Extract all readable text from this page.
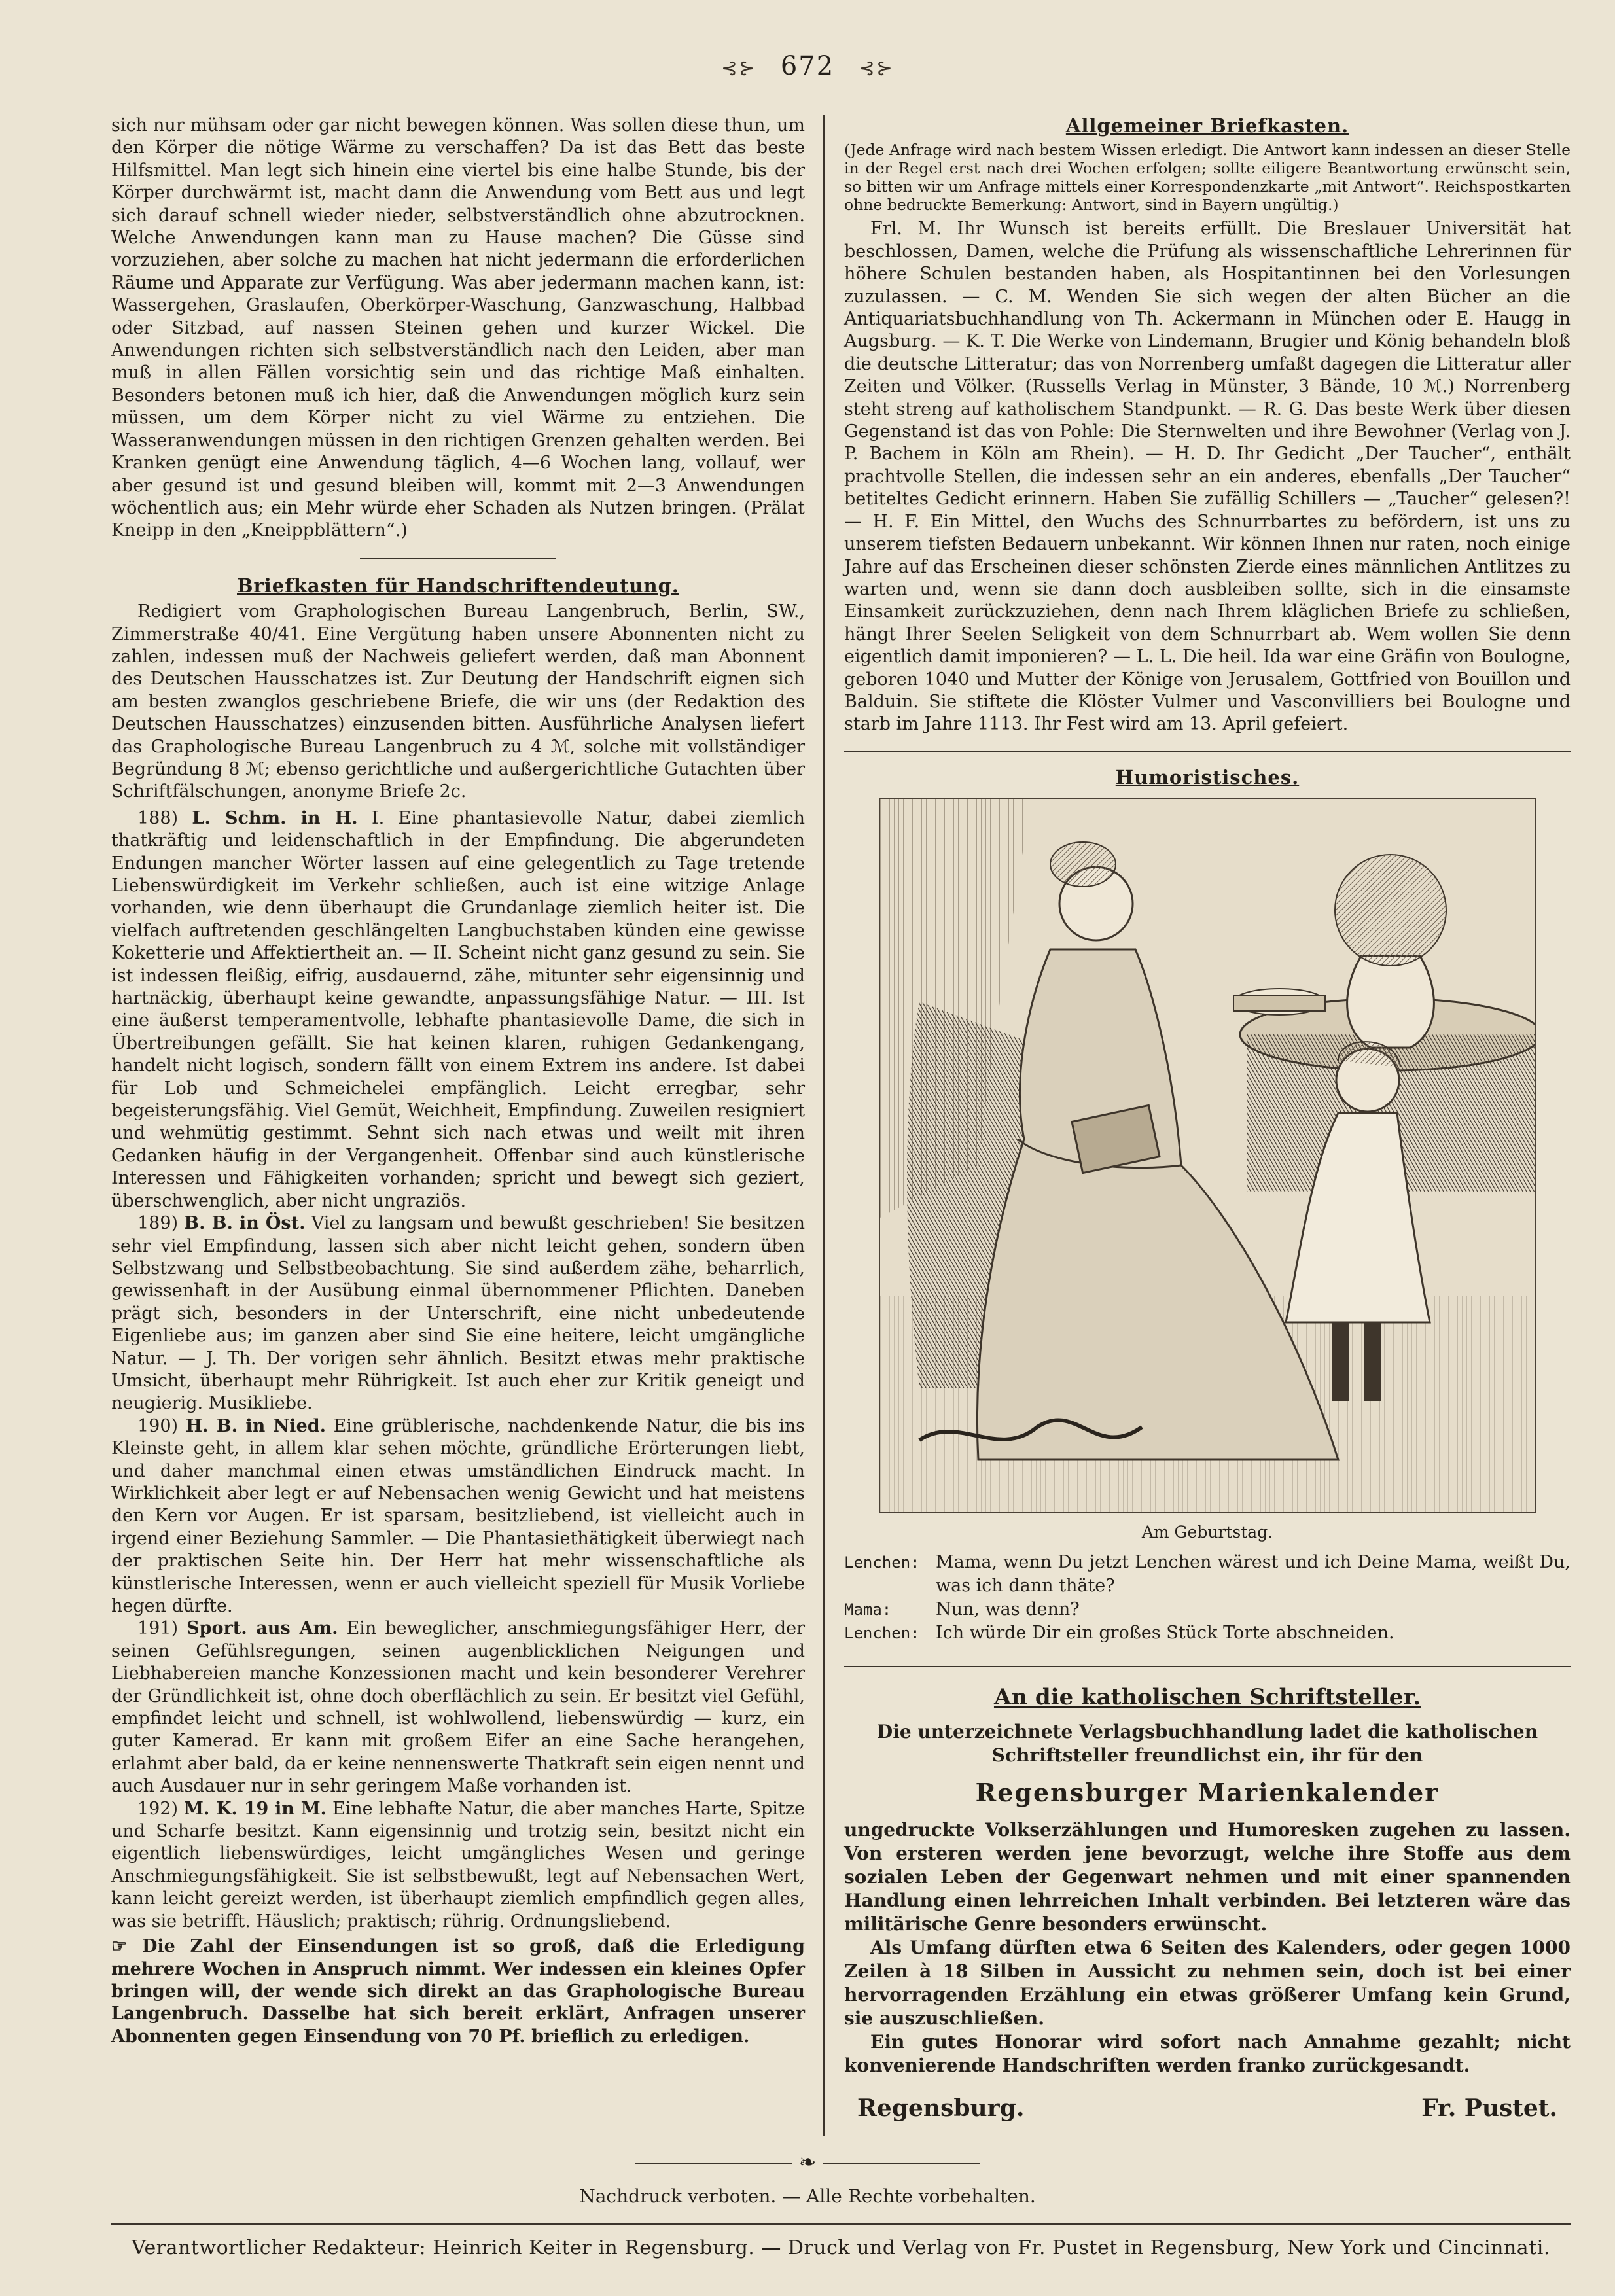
⊰⊱ 672 ⊰⊱

sich nur mühsam oder gar nicht bewegen können. Was sollen diese thun, um den Körper die nötige Wärme zu verschaffen? Da ist das Bett das beste Hilfsmittel. Man legt sich hinein eine viertel bis eine halbe Stunde, bis der Körper durchwärmt ist, macht dann die Anwendung vom Bett aus und legt sich darauf schnell wieder nieder, selbstverständlich ohne abzutrocknen. Welche Anwendungen kann man zu Hause machen? Die Güsse sind vorzuziehen, aber solche zu machen hat nicht jedermann die erforderlichen Räume und Apparate zur Verfügung. Was aber jedermann machen kann, ist: Wassergehen, Graslaufen, Oberkörper-Waschung, Ganzwaschung, Halbbad oder Sitzbad, auf nassen Steinen gehen und kurzer Wickel. Die Anwendungen richten sich selbstverständlich nach den Leiden, aber man muß in allen Fällen vorsichtig sein und das richtige Maß einhalten. Besonders betonen muß ich hier, daß die Anwendungen möglich kurz sein müssen, um dem Körper nicht zu viel Wärme zu entziehen. Die Wasseranwendungen müssen in den richtigen Grenzen gehalten werden. Bei Kranken genügt eine Anwendung täglich, 4—6 Wochen lang, vollauf, wer aber gesund ist und gesund bleiben will, kommt mit 2—3 Anwendungen wöchentlich aus; ein Mehr würde eher Schaden als Nutzen bringen. (Prälat Kneipp in den „Kneippblättern“.)

Briefkasten für Handschriftendeutung.

Redigiert vom Graphologischen Bureau Langenbruch, Berlin, SW., Zimmerstraße 40/41. Eine Vergütung haben unsere Abonnenten nicht zu zahlen, indessen muß der Nachweis geliefert werden, daß man Abonnent des Deutschen Hausschatzes ist. Zur Deutung der Handschrift eignen sich am besten zwanglos geschriebene Briefe, die wir uns (der Redaktion des Deutschen Hausschatzes) einzusenden bitten. Ausführliche Analysen liefert das Graphologische Bureau Langenbruch zu 4 ℳ, solche mit vollständiger Begründung 8 ℳ; ebenso gerichtliche und außergerichtliche Gutachten über Schriftfälschungen, anonyme Briefe 2c.

188) L. Schm. in H. I. Eine phantasievolle Natur, dabei ziemlich thatkräftig und leidenschaftlich in der Empfindung. Die abgerundeten Endungen mancher Wörter lassen auf eine gelegentlich zu Tage tretende Liebenswürdigkeit im Verkehr schließen, auch ist eine witzige Anlage vorhanden, wie denn überhaupt die Grundanlage ziemlich heiter ist. Die vielfach auftretenden geschlängelten Langbuchstaben künden eine gewisse Koketterie und Affektiertheit an. — II. Scheint nicht ganz gesund zu sein. Sie ist indessen fleißig, eifrig, ausdauernd, zähe, mitunter sehr eigensinnig und hartnäckig, überhaupt keine gewandte, anpassungsfähige Natur. — III. Ist eine äußerst temperamentvolle, lebhafte phantasievolle Dame, die sich in Übertreibungen gefällt. Sie hat keinen klaren, ruhigen Gedankengang, handelt nicht logisch, sondern fällt von einem Extrem ins andere. Ist dabei für Lob und Schmeichelei empfänglich. Leicht erregbar, sehr begeisterungsfähig. Viel Gemüt, Weichheit, Empfindung. Zuweilen resigniert und wehmütig gestimmt. Sehnt sich nach etwas und weilt mit ihren Gedanken häufig in der Vergangenheit. Offenbar sind auch künstlerische Interessen und Fähigkeiten vorhanden; spricht und bewegt sich geziert, überschwenglich, aber nicht ungraziös.

189) B. B. in Öst. Viel zu langsam und bewußt geschrieben! Sie besitzen sehr viel Empfindung, lassen sich aber nicht leicht gehen, sondern üben Selbstzwang und Selbstbeobachtung. Sie sind außerdem zähe, beharrlich, gewissenhaft in der Ausübung einmal übernommener Pflichten. Daneben prägt sich, besonders in der Unterschrift, eine nicht unbedeutende Eigenliebe aus; im ganzen aber sind Sie eine heitere, leicht umgängliche Natur. — J. Th. Der vorigen sehr ähnlich. Besitzt etwas mehr praktische Umsicht, überhaupt mehr Rührigkeit. Ist auch eher zur Kritik geneigt und neugierig. Musikliebe.

190) H. B. in Nied. Eine grüblerische, nachdenkende Natur, die bis ins Kleinste geht, in allem klar sehen möchte, gründliche Erörterungen liebt, und daher manchmal einen etwas umständlichen Eindruck macht. In Wirklichkeit aber legt er auf Nebensachen wenig Gewicht und hat meistens den Kern vor Augen. Er ist sparsam, besitzliebend, ist vielleicht auch in irgend einer Beziehung Sammler. — Die Phantasiethätigkeit überwiegt nach der praktischen Seite hin. Der Herr hat mehr wissenschaftliche als künstlerische Interessen, wenn er auch vielleicht speziell für Musik Vorliebe hegen dürfte.

191) Sport. aus Am. Ein beweglicher, anschmiegungsfähiger Herr, der seinen Gefühlsregungen, seinen augenblicklichen Neigungen und Liebhabereien manche Konzessionen macht und kein besonderer Verehrer der Gründlichkeit ist, ohne doch oberflächlich zu sein. Er besitzt viel Gefühl, empfindet leicht und schnell, ist wohlwollend, liebenswürdig — kurz, ein guter Kamerad. Er kann mit großem Eifer an eine Sache herangehen, erlahmt aber bald, da er keine nennenswerte Thatkraft sein eigen nennt und auch Ausdauer nur in sehr geringem Maße vorhanden ist.

192) M. K. 19 in M. Eine lebhafte Natur, die aber manches Harte, Spitze und Scharfe besitzt. Kann eigensinnig und trotzig sein, besitzt nicht ein eigentlich liebenswürdiges, leicht umgängliches Wesen und geringe Anschmiegungsfähigkeit. Sie ist selbstbewußt, legt auf Nebensachen Wert, kann leicht gereizt werden, ist überhaupt ziemlich empfindlich gegen alles, was sie betrifft. Häuslich; praktisch; rührig. Ordnungsliebend.

☞ Die Zahl der Einsendungen ist so groß, daß die Erledigung mehrere Wochen in Anspruch nimmt. Wer indessen ein kleines Opfer bringen will, der wende sich direkt an das Graphologische Bureau Langenbruch. Dasselbe hat sich bereit erklärt, Anfragen unserer Abonnenten gegen Einsendung von 70 Pf. brieflich zu erledigen.

Allgemeiner Briefkasten.

(Jede Anfrage wird nach bestem Wissen erledigt. Die Antwort kann indessen an dieser Stelle in der Regel erst nach drei Wochen erfolgen; sollte eiligere Beantwortung erwünscht sein, so bitten wir um Anfrage mittels einer Korrespondenzkarte „mit Antwort“. Reichspostkarten ohne bedruckte Bemerkung: Antwort, sind in Bayern ungültig.)

Frl. M. Ihr Wunsch ist bereits erfüllt. Die Breslauer Universität hat beschlossen, Damen, welche die Prüfung als wissenschaftliche Lehrerinnen für höhere Schulen bestanden haben, als Hospitantinnen bei den Vorlesungen zuzulassen. — C. M. Wenden Sie sich wegen der alten Bücher an die Antiquariatsbuchhandlung von Th. Ackermann in München oder E. Haugg in Augsburg. — K. T. Die Werke von Lindemann, Brugier und König behandeln bloß die deutsche Litteratur; das von Norrenberg umfaßt dagegen die Litteratur aller Zeiten und Völker. (Russells Verlag in Münster, 3 Bände, 10 ℳ.) Norrenberg steht streng auf katholischem Standpunkt. — R. G. Das beste Werk über diesen Gegenstand ist das von Pohle: Die Sternwelten und ihre Bewohner (Verlag von J. P. Bachem in Köln am Rhein). — H. D. Ihr Gedicht „Der Taucher“, enthält prachtvolle Stellen, die indessen sehr an ein anderes, ebenfalls „Der Taucher“ betiteltes Gedicht erinnern. Haben Sie zufällig Schillers — „Taucher“ gelesen?! — H. F. Ein Mittel, den Wuchs des Schnurrbartes zu befördern, ist uns zu unserem tiefsten Bedauern unbekannt. Wir können Ihnen nur raten, noch einige Jahre auf das Erscheinen dieser schönsten Zierde eines männlichen Antlitzes zu warten und, wenn sie dann doch ausbleiben sollte, sich in die einsamste Einsamkeit zurückzuziehen, denn nach Ihrem kläglichen Briefe zu schließen, hängt Ihrer Seelen Seligkeit von dem Schnurrbart ab. Wem wollen Sie denn eigentlich damit imponieren? — L. L. Die heil. Ida war eine Gräfin von Boulogne, geboren 1040 und Mutter der Könige von Jerusalem, Gottfried von Bouillon und Balduin. Sie stiftete die Klöster Vulmer und Vasconvilliers bei Boulogne und starb im Jahre 1113. Ihr Fest wird am 13. April gefeiert.

Humoristisches.
Am Geburtstag.
Lenchen: Mama, wenn Du jetzt Lenchen wärest und ich Deine Mama, weißt Du, was ich dann thäte?
Mama:	Nun, was denn?
Lenchen: Ich würde Dir ein großes Stück Torte abschneiden.
An die katholischen Schriftsteller.

Die unterzeichnete Verlagsbuchhandlung ladet die katholischen Schriftsteller freundlichst ein, ihr für den

Regensburger Marienkalender

ungedruckte Volkserzählungen und Humoresken zugehen zu lassen. Von ersteren werden jene bevorzugt, welche ihre Stoffe aus dem sozialen Leben der Gegenwart nehmen und mit einer spannenden Handlung einen lehrreichen Inhalt verbinden. Bei letzteren wäre das militärische Genre besonders erwünscht.

Als Umfang dürften etwa 6 Seiten des Kalenders, oder gegen 1000 Zeilen à 18 Silben in Aussicht zu nehmen sein, doch ist bei einer hervorragenden Erzählung ein etwas größerer Umfang kein Grund, sie auszuschließen.

Ein gutes Honorar wird sofort nach Annahme gezahlt; nicht konvenierende Handschriften werden franko zurückgesandt.

Regensburg.	Fr. Pustet.
❧
Nachdruck verboten. — Alle Rechte vorbehalten.
Verantwortlicher Redakteur: Heinrich Keiter in Regensburg. — Druck und Verlag von Fr. Pustet in Regensburg, New York und Cincinnati.
